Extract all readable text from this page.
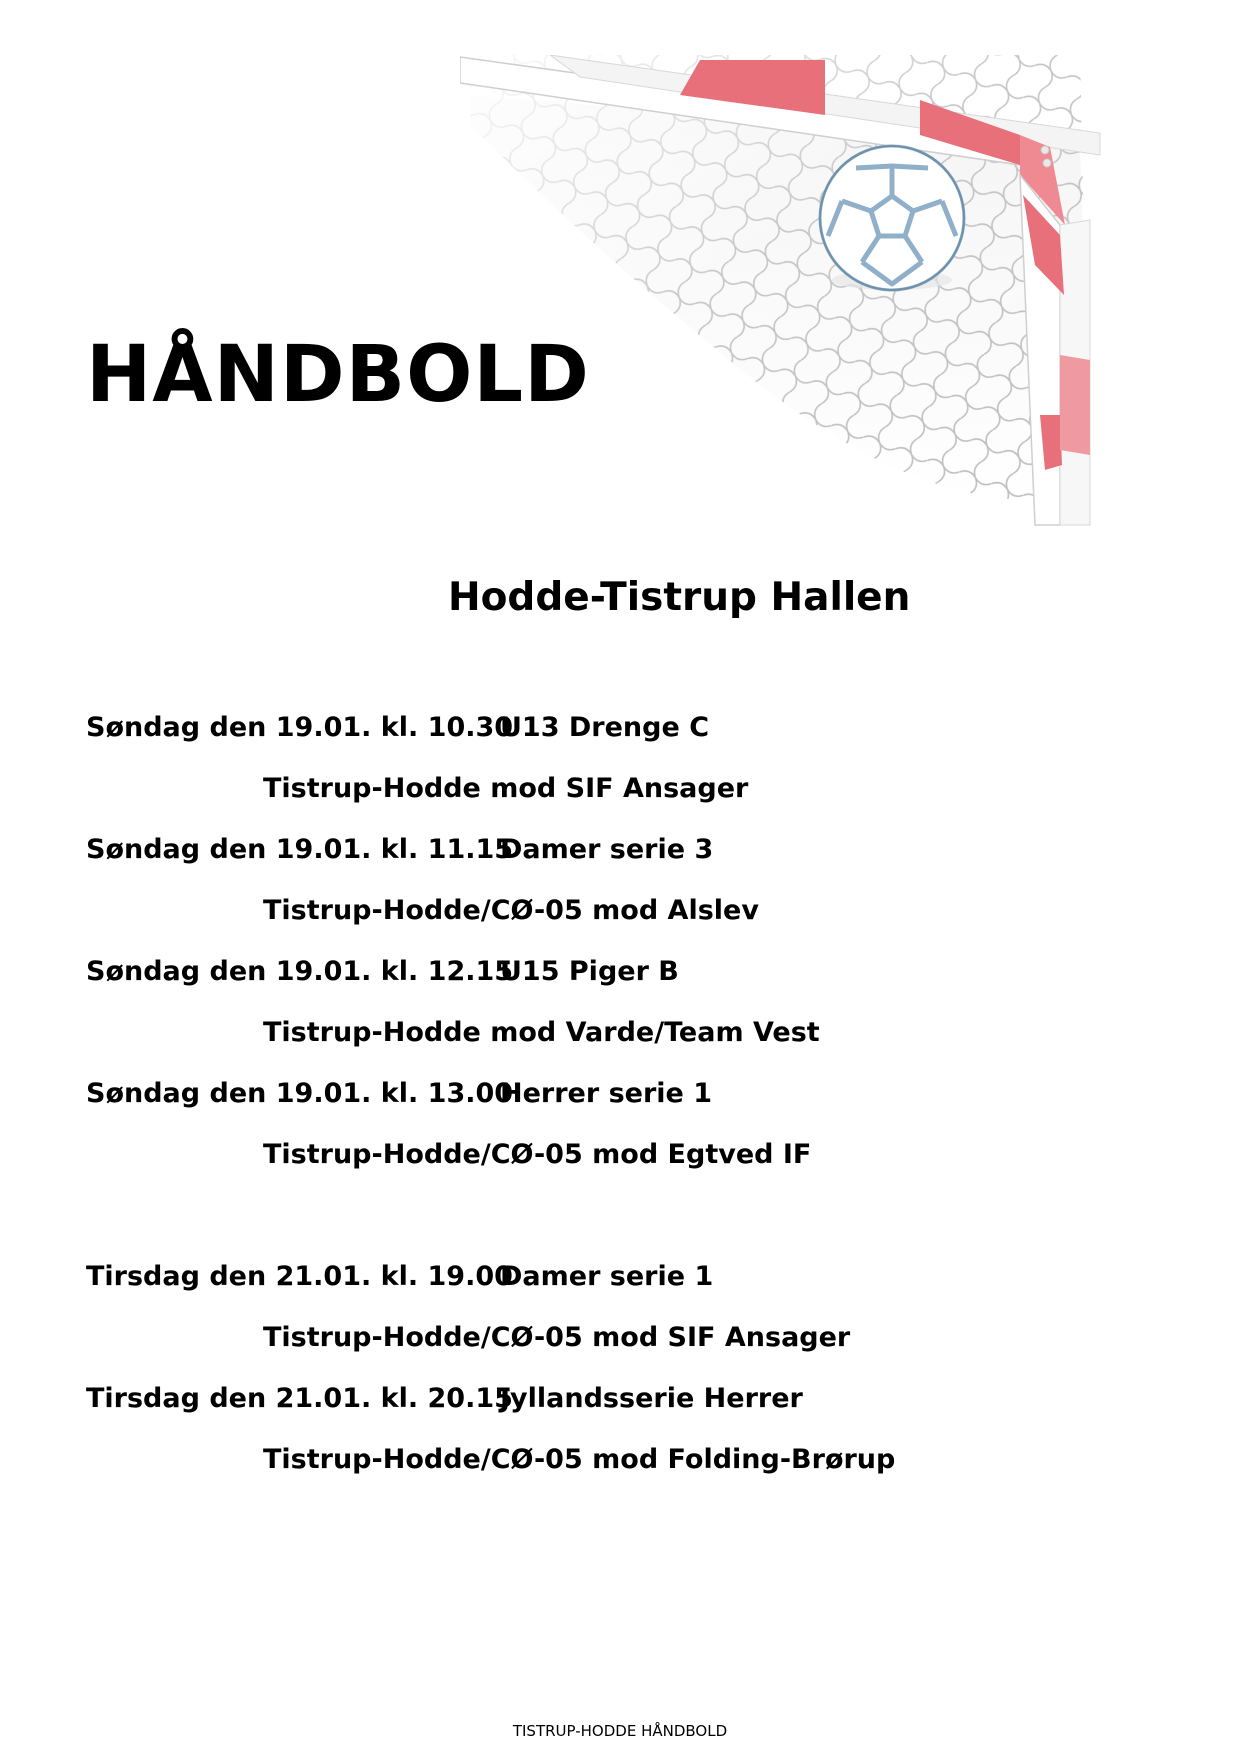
HÅNDBOLD
Hodde-Tistrup Hallen
Søndag den 19.01. kl. 10.30
U13 Drenge C
Tistrup-Hodde mod SIF Ansager
Søndag den 19.01. kl. 11.15
Damer serie 3
Tistrup-Hodde/CØ-05 mod Alslev
Søndag den 19.01. kl. 12.15
U15 Piger B
Tistrup-Hodde mod Varde/Team Vest
Søndag den 19.01. kl. 13.00
Herrer serie 1
Tistrup-Hodde/CØ-05 mod Egtved IF
Tirsdag den 21.01. kl. 19.00
Damer serie 1
Tistrup-Hodde/CØ-05 mod SIF Ansager
Tirsdag den 21.01. kl. 20.15
Jyllandsserie Herrer
Tistrup-Hodde/CØ-05 mod Folding-Brørup
TISTRUP-HODDE HÅNDBOLD
